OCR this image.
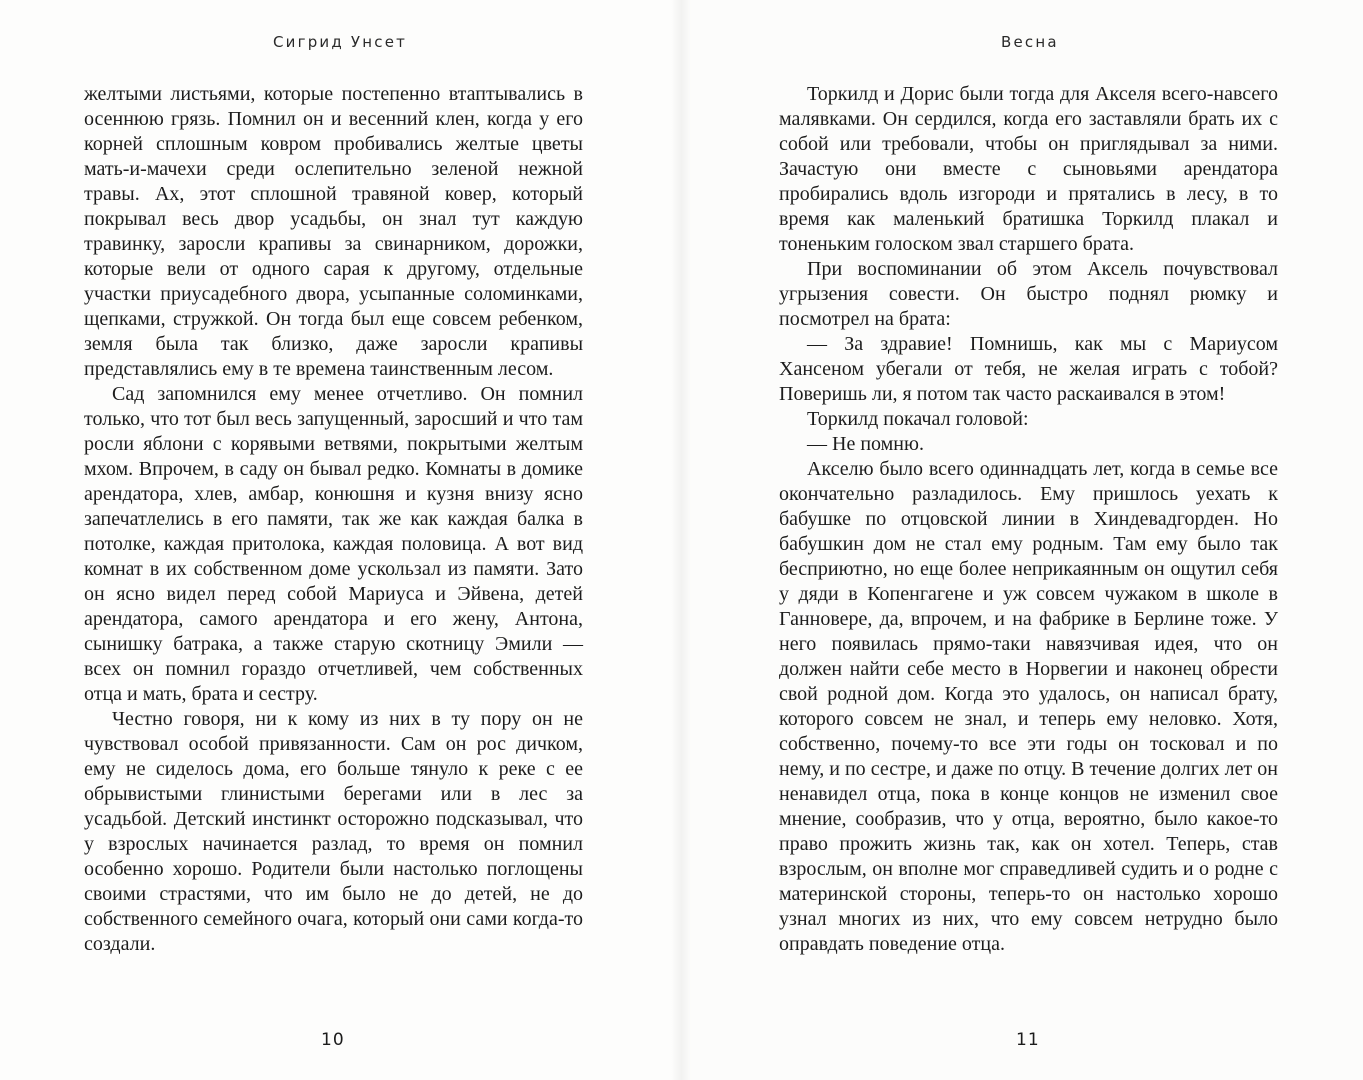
Сигрид Унсет

желтыми листьями, которые постепенно втаптывались в осеннюю грязь. Помнил он и весенний клен, когда у его корней сплошным ковром пробивались желтые цветы мать-и-мачехи среди ослепительно зеленой нежной травы. Ах, этот сплошной травяной ковер, который покрывал весь двор усадьбы, он знал тут каждую травинку, заросли крапивы за свинарником, дорожки, которые вели от одного сарая к другому, отдельные участки приусадебного двора, усыпанные соломинками, щепками, стружкой. Он тогда был еще совсем ребенком, земля была так близко, даже заросли крапивы представлялись ему в те времена таинственным лесом.

Сад запомнился ему менее отчетливо. Он помнил только, что тот был весь запущенный, заросший и что там росли яблони с корявыми ветвями, покрытыми желтым мхом. Впрочем, в саду он бывал редко. Комнаты в домике арендатора, хлев, амбар, конюшня и кузня внизу ясно запечатлелись в его памяти, так же как каждая балка в потолке, каждая притолока, каждая половица. А вот вид комнат в их собственном доме ускользал из памяти. Зато он ясно видел перед собой Мариуса и Эйвена, детей арендатора, самого арендатора и его жену, Антона, сынишку батрака, а также старую скотницу Эмили — всех он помнил гораздо отчетливей, чем собственных отца и мать, брата и сестру.

Честно говоря, ни к кому из них в ту пору он не чувствовал особой привязанности. Сам он рос дичком, ему не сиделось дома, его больше тянуло к реке с ее обрывистыми глинистыми берегами или в лес за усадьбой. Детский инстинкт осторожно подсказывал, что у взрослых начинается разлад, то время он помнил особенно хорошо. Родители были настолько поглощены своими страстями, что им было не до детей, не до собственного семейного очага, который они сами когда-то создали.

10
Весна

Торкилд и Дорис были тогда для Акселя всего-навсего малявками. Он сердился, когда его заставляли брать их с собой или требовали, чтобы он приглядывал за ними. Зачастую они вместе с сыновьями арендатора пробирались вдоль изгороди и прятались в лесу, в то время как маленький братишка Торкилд плакал и тоненьким голоском звал старшего брата.

При воспоминании об этом Аксель почувствовал угрызения совести. Он быстро поднял рюмку и посмотрел на брата:

— За здравие! Помнишь, как мы с Мариусом Хансеном убегали от тебя, не желая играть с тобой? Поверишь ли, я потом так часто раскаивался в этом!

Торкилд покачал головой:

— Не помню.

Акселю было всего одиннадцать лет, когда в семье все окончательно разладилось. Ему пришлось уехать к бабушке по отцовской линии в Хиндевадгорден. Но бабушкин дом не стал ему родным. Там ему было так бесприютно, но еще более неприкаянным он ощутил себя у дяди в Копенгагене и уж совсем чужаком в школе в Ганновере, да, впрочем, и на фабрике в Берлине тоже. У него появилась прямо-таки навязчивая идея, что он должен найти себе место в Норвегии и наконец обрести свой родной дом. Когда это удалось, он написал брату, которого совсем не знал, и теперь ему неловко. Хотя, собственно, почему-то все эти годы он тосковал и по нему, и по сестре, и даже по отцу. В течение долгих лет он ненавидел отца, пока в конце концов не изменил свое мнение, сообразив, что у отца, вероятно, было какое-то право прожить жизнь так, как он хотел. Теперь, став взрослым, он вполне мог справедливей судить и о родне с материнской стороны, теперь-то он настолько хорошо узнал многих из них, что ему совсем нетрудно было оправдать поведение отца.

11
